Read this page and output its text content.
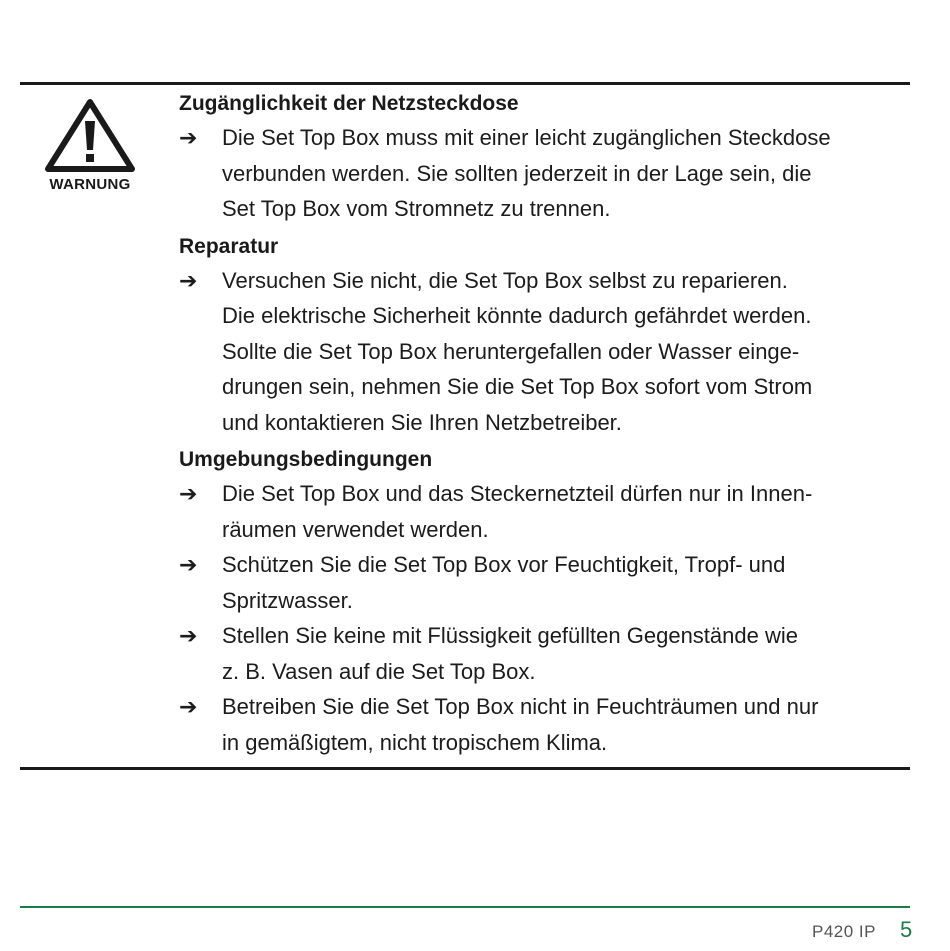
WARNUNG
Zugänglichkeit der Netzsteckdose
➔ Die Set Top Box muss mit einer leicht zugänglichen Steckdose
verbunden werden. Sie sollten jederzeit in der Lage sein, die
Set Top Box vom Stromnetz zu trennen.
Reparatur
➔ Versuchen Sie nicht, die Set Top Box selbst zu reparieren.
Die elektrische Sicherheit könnte dadurch gefährdet werden.
Sollte die Set Top Box heruntergefallen oder Wasser einge-
drungen sein, nehmen Sie die Set Top Box sofort vom Strom
und kontaktieren Sie Ihren Netzbetreiber.
Umgebungsbedingungen
➔ Die Set Top Box und das Steckernetzteil dürfen nur in Innen-
räumen verwendet werden.
➔ Schützen Sie die Set Top Box vor Feuchtigkeit, Tropf- und
Spritzwasser.
➔ Stellen Sie keine mit Flüssigkeit gefüllten Gegenstände wie
z. B. Vasen auf die Set Top Box.
➔ Betreiben Sie die Set Top Box nicht in Feuchträumen und nur
in gemäßigtem, nicht tropischem Klima.
P420 IP 5
